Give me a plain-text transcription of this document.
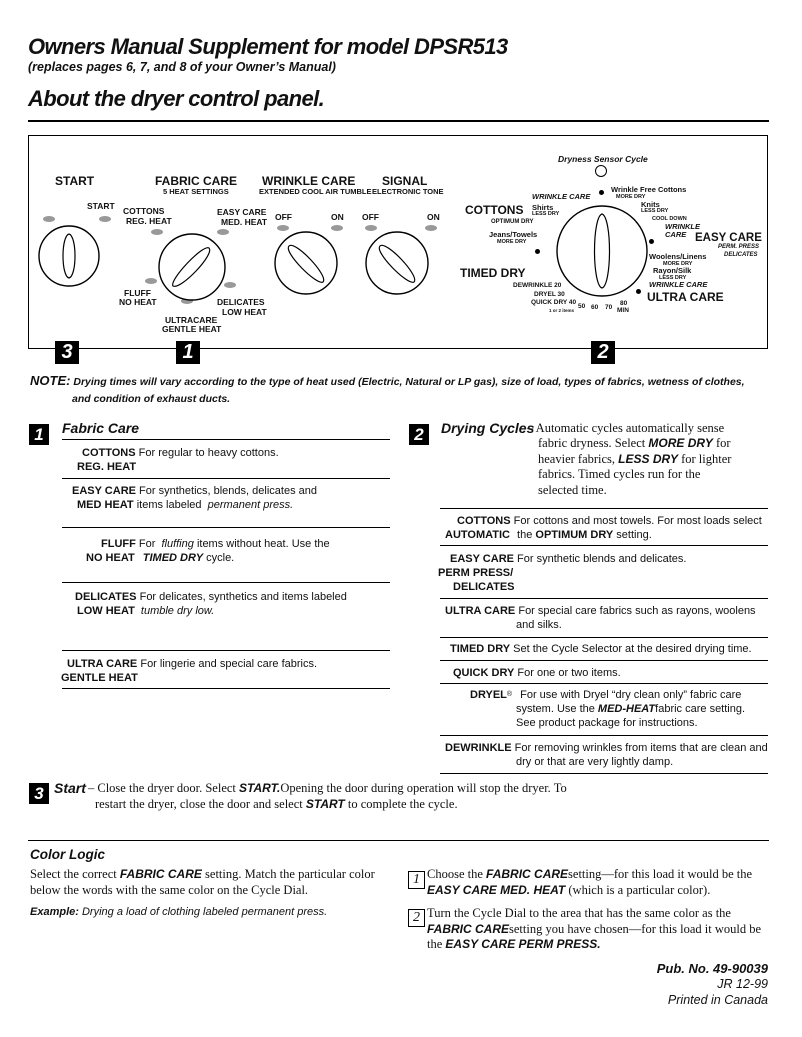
Owners Manual Supplement for model DPSR513
(replaces pages 6, 7, and 8 of your Owner’s Manual)
About the dryer control panel.
START
START
FABRIC CARE
5 HEAT SETTINGS
COTTONS
REG. HEAT
EASY CARE
MED. HEAT
FLUFF
NO HEAT
ULTRACARE
GENTLE HEAT
DELICATES
LOW HEAT
WRINKLE CARE
EXTENDED COOL AIR TUMBLE
OFF	ON
SIGNAL
ELECTRONIC TONE
OFF	ON
Dryness Sensor Cycle
WRINKLE CARE
Wrinkle Free Cottons
MORE DRY
COTTONS Shirts
LESS DRY
OPTIMUM DRY
Knits
LESS DRY
COOL DOWN
WRINKLE CARE
Jeans/Towels
MORE DRY	EASY CARE
PERM. PRESS
DELICATES
Woolens/Linens
MORE DRY
Rayon/Silk
LESS DRY
WRINKLE CARE
ULTRA CARE
TIMED DRY
DEWRINKLE 20
DRYEL 30
QUICK DRY 40
1 or 2 items
50 60 70
80
MIN
3	1	2
NOTE: Drying times will vary according to the type of heat used (Electric, Natural or LP gas), size of load, types of fabrics, wetness of clothes,
and condition of exhaust ducts.
1	Fabric Care
COTTONS For regular to heavy cottons.
REG. HEAT
EASY CARE For synthetics, blends, delicates and
MED HEAT items labeled permanent press.
FLUFF For fluffing items without heat. Use the
NO HEAT TIMED DRY cycle.
DELICATES For delicates, synthetics and items labeled
LOW HEAT tumble dry low.
ULTRA CARE For lingerie and special care fabrics.
GENTLE HEAT
2	Drying Cycles
– Automatic cycles automatically sense
fabric dryness. Select MORE DRY for
heavier fabrics, LESS DRY for lighter
fabrics. Timed cycles run for the
selected time.
COTTONS For cottons and most towels. For most loads select
AUTOMATIC the OPTIMUM DRY setting.
EASY CARE For synthetic blends and delicates.
PERM PRESS/
DELICATES
ULTRA CARE For special care fabrics such as rayons, woolens
and silks.
TIMED DRY Set the Cycle Selector at the desired drying time.
QUICK DRY For one or two items.
DRYEL® For use with Dryel “dry clean only” fabric care
system. Use the MED-HEATfabric care setting.
See product package for instructions.
DEWRINKLE For removing wrinkles from items that are clean and
dry or that are very lightly damp.
3 Start – Close the dryer door. Select START.Opening the door during operation will stop the dryer. To
restart the dryer, close the door and select START to complete the cycle.
Color Logic
Select the correct FABRIC CARE setting. Match the particular color
below the words with the same color on the Cycle Dial.
Example: Drying a load of clothing labeled permanent press.
1 Choose the FABRIC CAREsetting—for this load it would be the
EASY CARE MED. HEAT (which is a particular color).
2 Turn the Cycle Dial to the area that has the same color as the
FABRIC CAREsetting you have chosen—for this load it would be
the EASY CARE PERM PRESS.
Pub. No. 49-90039
JR 12-99
Printed in Canada
